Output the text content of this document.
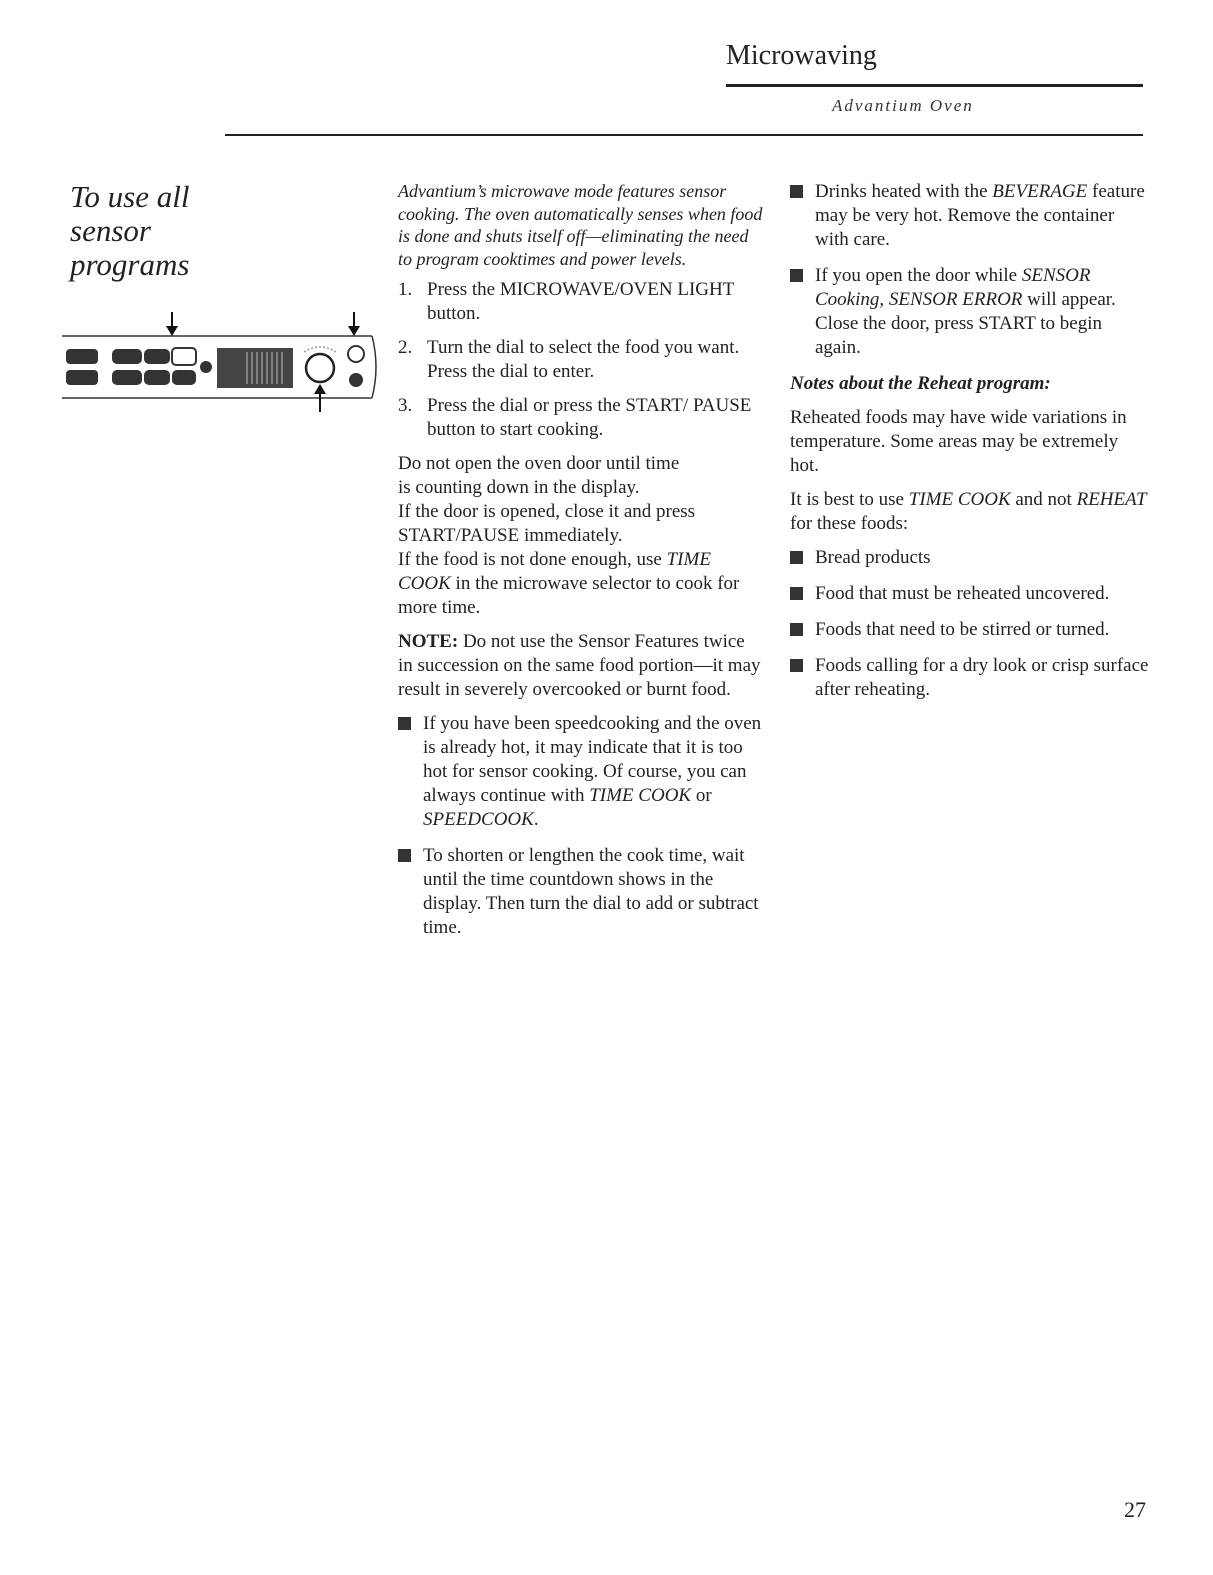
Microwaving
Advantium Oven
To use all sensor programs

Advantium’s microwave mode features sensor cooking. The oven automatically senses when food is done and shuts itself off—eliminating the need to program cooktimes and power levels.

1. Press the MICROWAVE/OVEN LIGHT button.
2. Turn the dial to select the food you want. Press the dial to enter.
3. Press the dial or press the START/ PAUSE button to start cooking.

Do not open the oven door until time
is counting down in the display.
If the door is opened, close it and press START/PAUSE immediately.
If the food is not done enough, use TIME COOK in the microwave selector to cook for more time.

NOTE: Do not use the Sensor Features twice in succession on the same food portion—it may result in severely overcooked or burnt food.

If you have been speedcooking and the oven is already hot, it may indicate that it is too hot for sensor cooking. Of course, you can always continue with TIME COOK or SPEEDCOOK.
To shorten or lengthen the cook time, wait until the time countdown shows in the display. Then turn the dial to add or subtract time.
Drinks heated with the BEVERAGE feature may be very hot. Remove the container with care.
If you open the door while SENSOR Cooking, SENSOR ERROR will appear. Close the door, press START to begin again.

Notes about the Reheat program:

Reheated foods may have wide variations in temperature. Some areas may be extremely hot.

It is best to use TIME COOK and not REHEAT for these foods:

Bread products
Food that must be reheated uncovered.
Foods that need to be stirred or turned.
Foods calling for a dry look or crisp surface after reheating.
27
